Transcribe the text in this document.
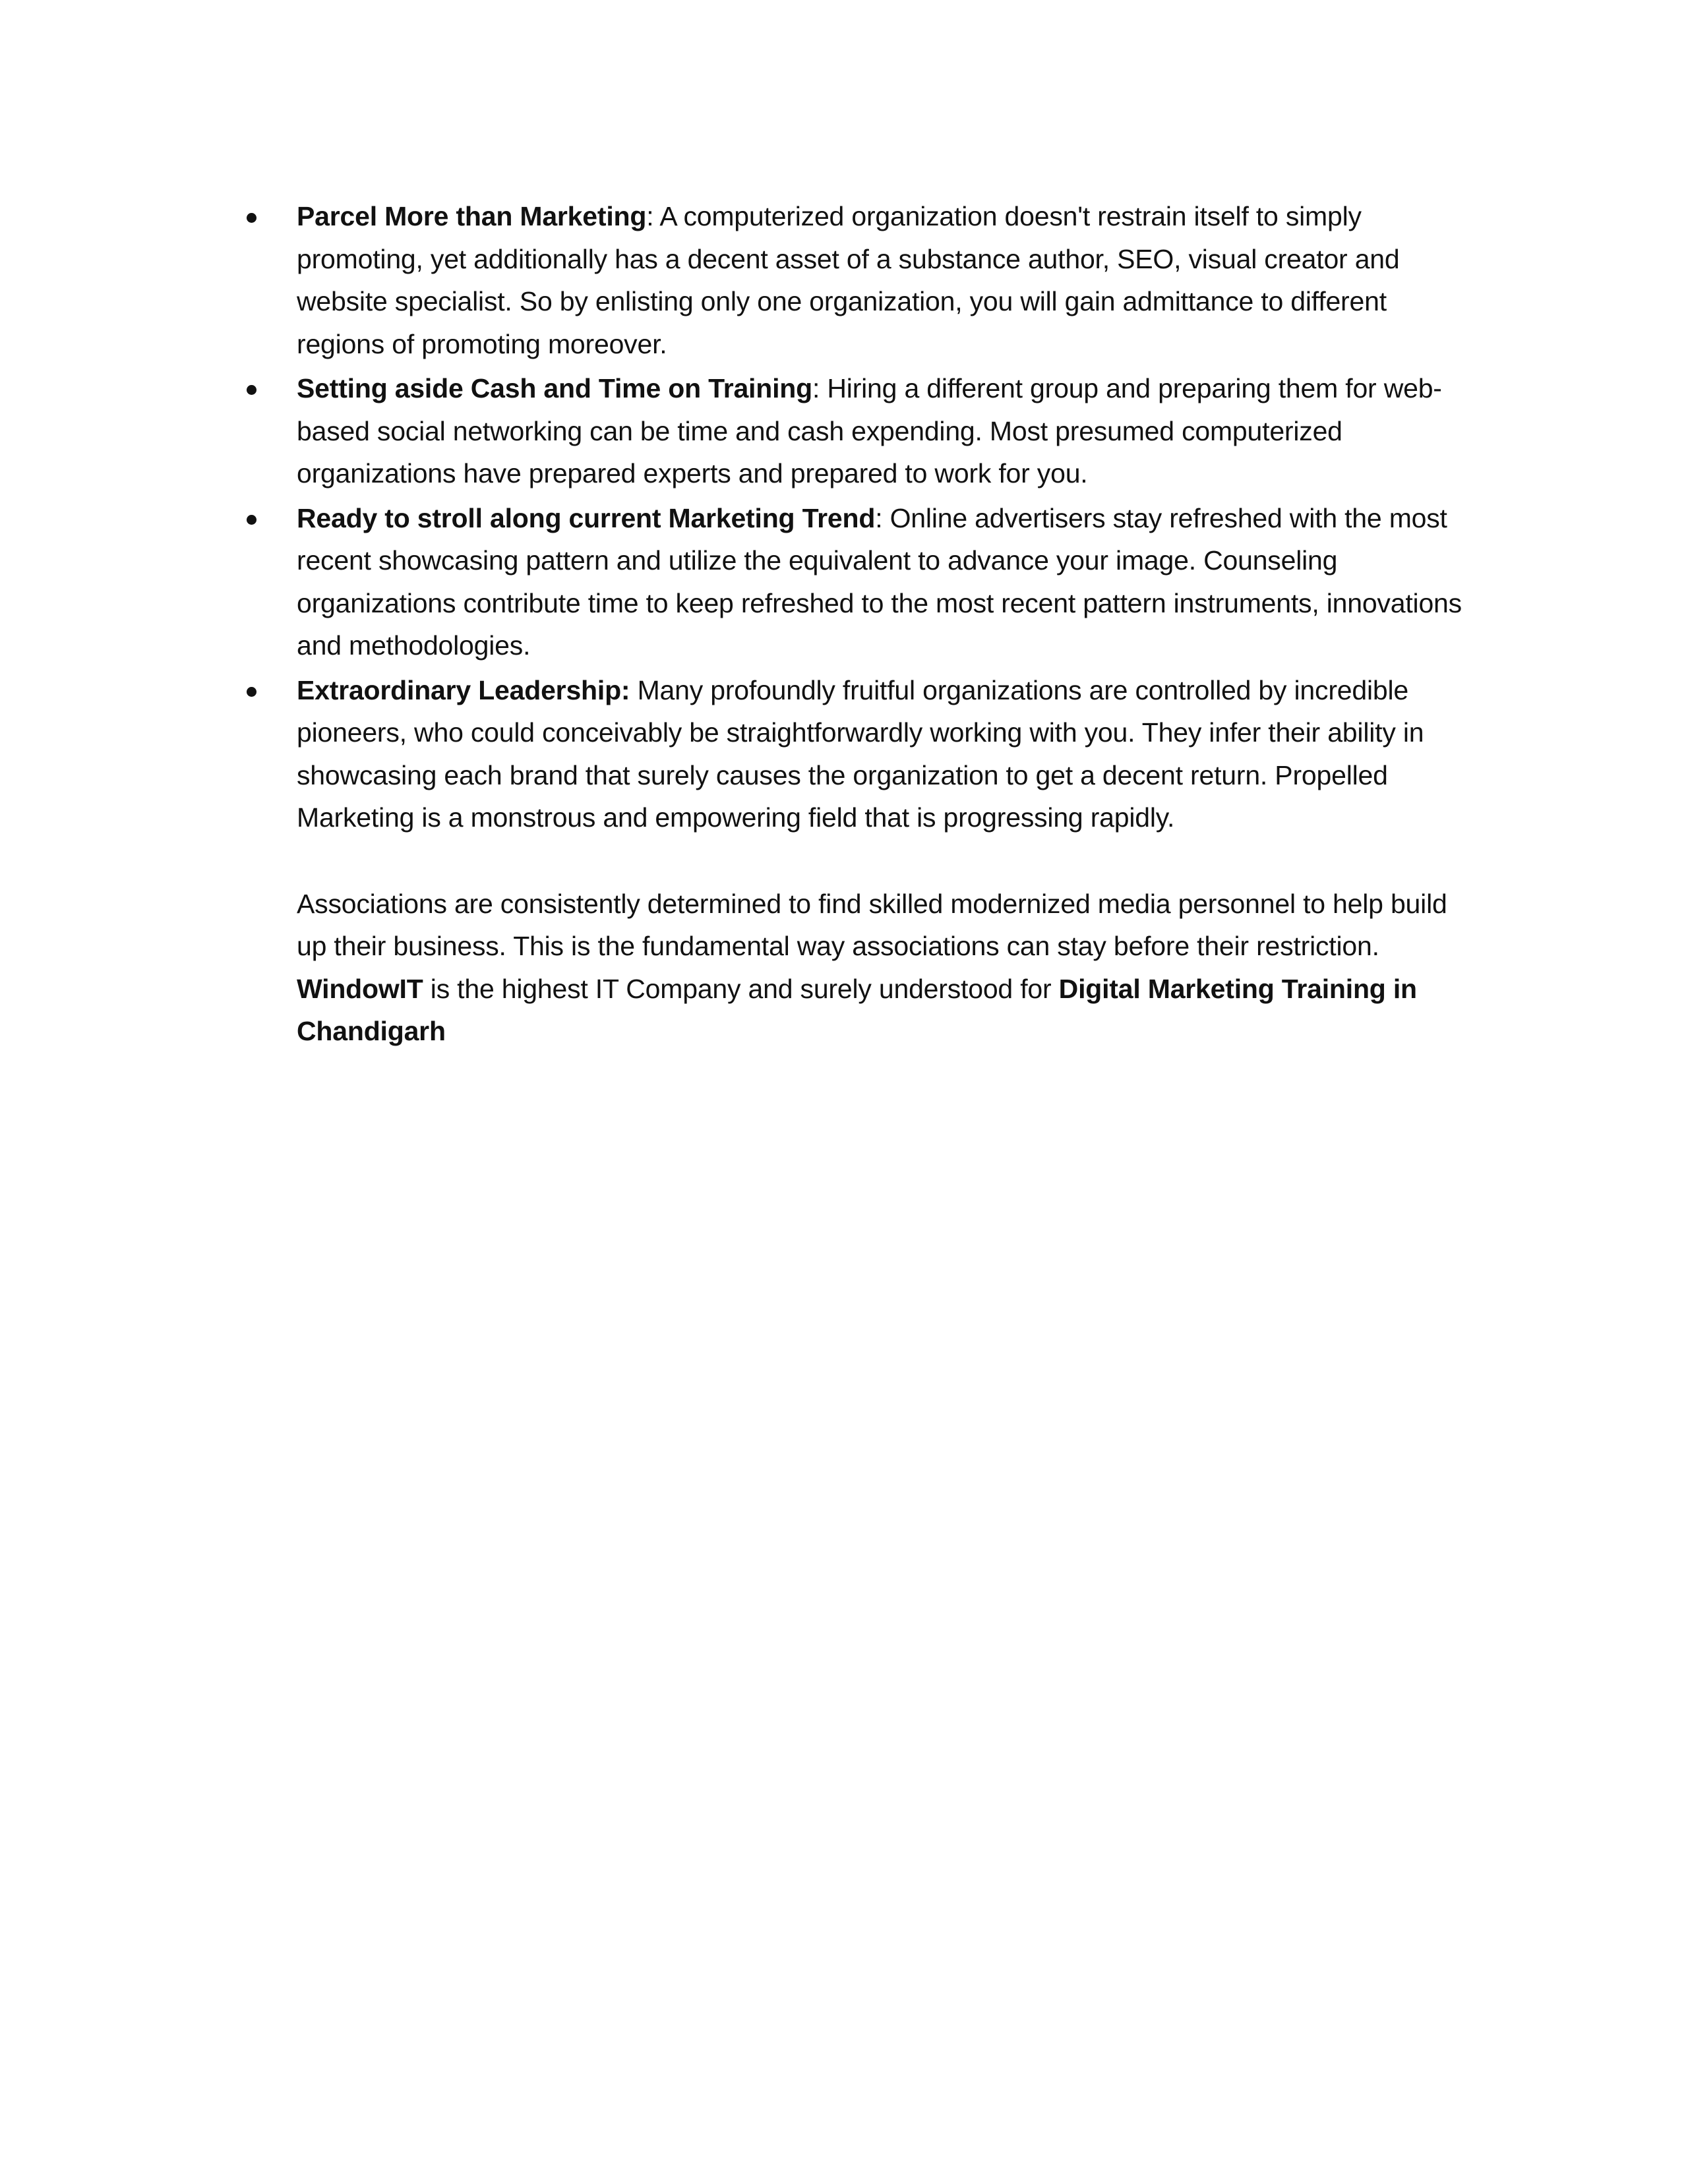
Parcel More than Marketing: A computerized organization doesn't restrain itself to simply promoting, yet additionally has a decent asset of a substance author, SEO, visual creator and website specialist. So by enlisting only one organization, you will gain admittance to different regions of promoting moreover.
Setting aside Cash and Time on Training: Hiring a different group and preparing them for web-based social networking can be time and cash expending. Most presumed computerized organizations have prepared experts and prepared to work for you.
Ready to stroll along current Marketing Trend: Online advertisers stay refreshed with the most recent showcasing pattern and utilize the equivalent to advance your image. Counseling organizations contribute time to keep refreshed to the most recent pattern instruments, innovations and methodologies.
Extraordinary Leadership: Many profoundly fruitful organizations are controlled by incredible pioneers, who could conceivably be straightforwardly working with you. They infer their ability in showcasing each brand that surely causes the organization to get a decent return. Propelled Marketing is a monstrous and empowering field that is progressing rapidly.

Associations are consistently determined to find skilled modernized media personnel to help build up their business. This is the fundamental way associations can stay before their restriction. WindowIT is the highest IT Company and surely understood for Digital Marketing Training in Chandigarh
